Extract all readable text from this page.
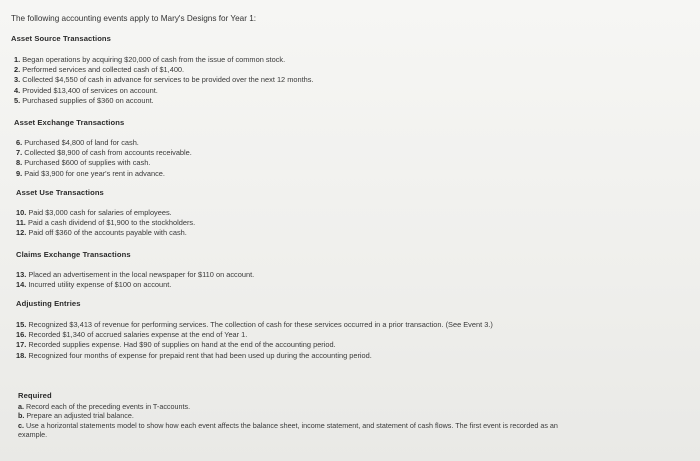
The following accounting events apply to Mary's Designs for Year 1:
Asset Source Transactions
1. Began operations by acquiring $20,000 of cash from the issue of common stock.
2. Performed services and collected cash of $1,400.
3. Collected $4,550 of cash in advance for services to be provided over the next 12 months.
4. Provided $13,400 of services on account.
5. Purchased supplies of $360 on account.
Asset Exchange Transactions
6. Purchased $4,800 of land for cash.
7. Collected $8,900 of cash from accounts receivable.
8. Purchased $600 of supplies with cash.
9. Paid $3,900 for one year's rent in advance.
Asset Use Transactions
10. Paid $3,000 cash for salaries of employees.
11. Paid a cash dividend of $1,900 to the stockholders.
12. Paid off $360 of the accounts payable with cash.
Claims Exchange Transactions
13. Placed an advertisement in the local newspaper for $110 on account.
14. Incurred utility expense of $100 on account.
Adjusting Entries
15. Recognized $3,413 of revenue for performing services. The collection of cash for these services occurred in a prior transaction. (See Event 3.)
16. Recorded $1,340 of accrued salaries expense at the end of Year 1.
17. Recorded supplies expense. Had $90 of supplies on hand at the end of the accounting period.
18. Recognized four months of expense for prepaid rent that had been used up during the accounting period.
Required
a. Record each of the preceding events in T-accounts.
b. Prepare an adjusted trial balance.
c. Use a horizontal statements model to show how each event affects the balance sheet, income statement, and statement of cash flows. The first event is recorded as an example.
